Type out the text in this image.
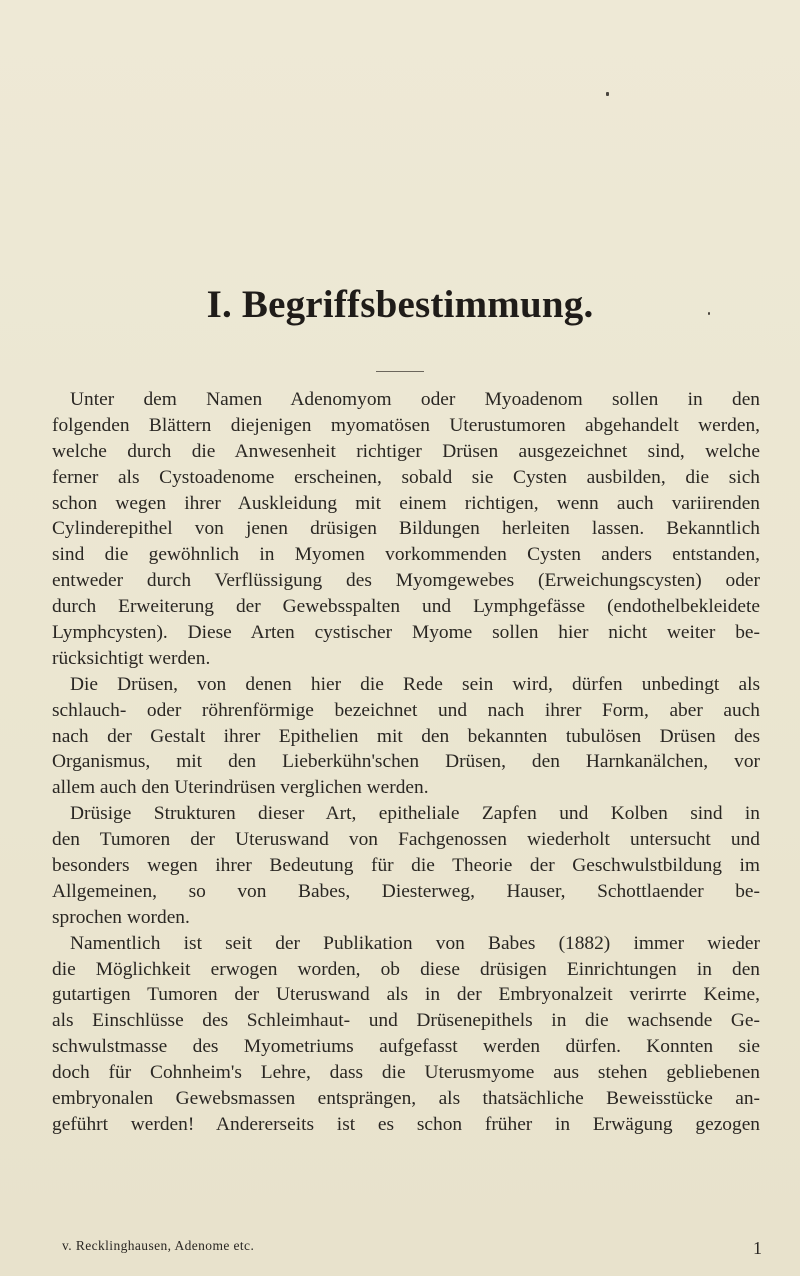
I. Begriffsbestimmung.
Unter dem Namen Adenomyom oder Myoadenom sollen in den
folgenden Blättern diejenigen myomatösen Uterustumoren abgehandelt werden,
welche durch die Anwesenheit richtiger Drüsen ausgezeichnet sind, welche
ferner als Cystoadenome erscheinen, sobald sie Cysten ausbilden, die sich
schon wegen ihrer Auskleidung mit einem richtigen, wenn auch variirenden
Cylinderepithel von jenen drüsigen Bildungen herleiten lassen. Bekanntlich
sind die gewöhnlich in Myomen vorkommenden Cysten anders entstanden,
entweder durch Verflüssigung des Myomgewebes (Erweichungscysten) oder
durch Erweiterung der Gewebsspalten und Lymphgefässe (endothelbekleidete
Lymphcysten). Diese Arten cystischer Myome sollen hier nicht weiter be-
rücksichtigt werden.
Die Drüsen, von denen hier die Rede sein wird, dürfen unbedingt als
schlauch- oder röhrenförmige bezeichnet und nach ihrer Form, aber auch
nach der Gestalt ihrer Epithelien mit den bekannten tubulösen Drüsen des
Organismus, mit den Lieberkühn'schen Drüsen, den Harnkanälchen, vor
allem auch den Uterindrüsen verglichen werden.
Drüsige Strukturen dieser Art, epitheliale Zapfen und Kolben sind in
den Tumoren der Uteruswand von Fachgenossen wiederholt untersucht und
besonders wegen ihrer Bedeutung für die Theorie der Geschwulstbildung im
Allgemeinen, so von Babes, Diesterweg, Hauser, Schottlaender be-
sprochen worden.
Namentlich ist seit der Publikation von Babes (1882) immer wieder
die Möglichkeit erwogen worden, ob diese drüsigen Einrichtungen in den
gutartigen Tumoren der Uteruswand als in der Embryonalzeit verirrte Keime,
als Einschlüsse des Schleimhaut- und Drüsenepithels in die wachsende Ge-
schwulstmasse des Myometriums aufgefasst werden dürfen. Konnten sie
doch für Cohnheim's Lehre, dass die Uterusmyome aus stehen gebliebenen
embryonalen Gewebsmassen entsprängen, als thatsächliche Beweisstücke an-
geführt werden! Andererseits ist es schon früher in Erwägung gezogen
v. Recklinghausen, Adenome etc.	1
